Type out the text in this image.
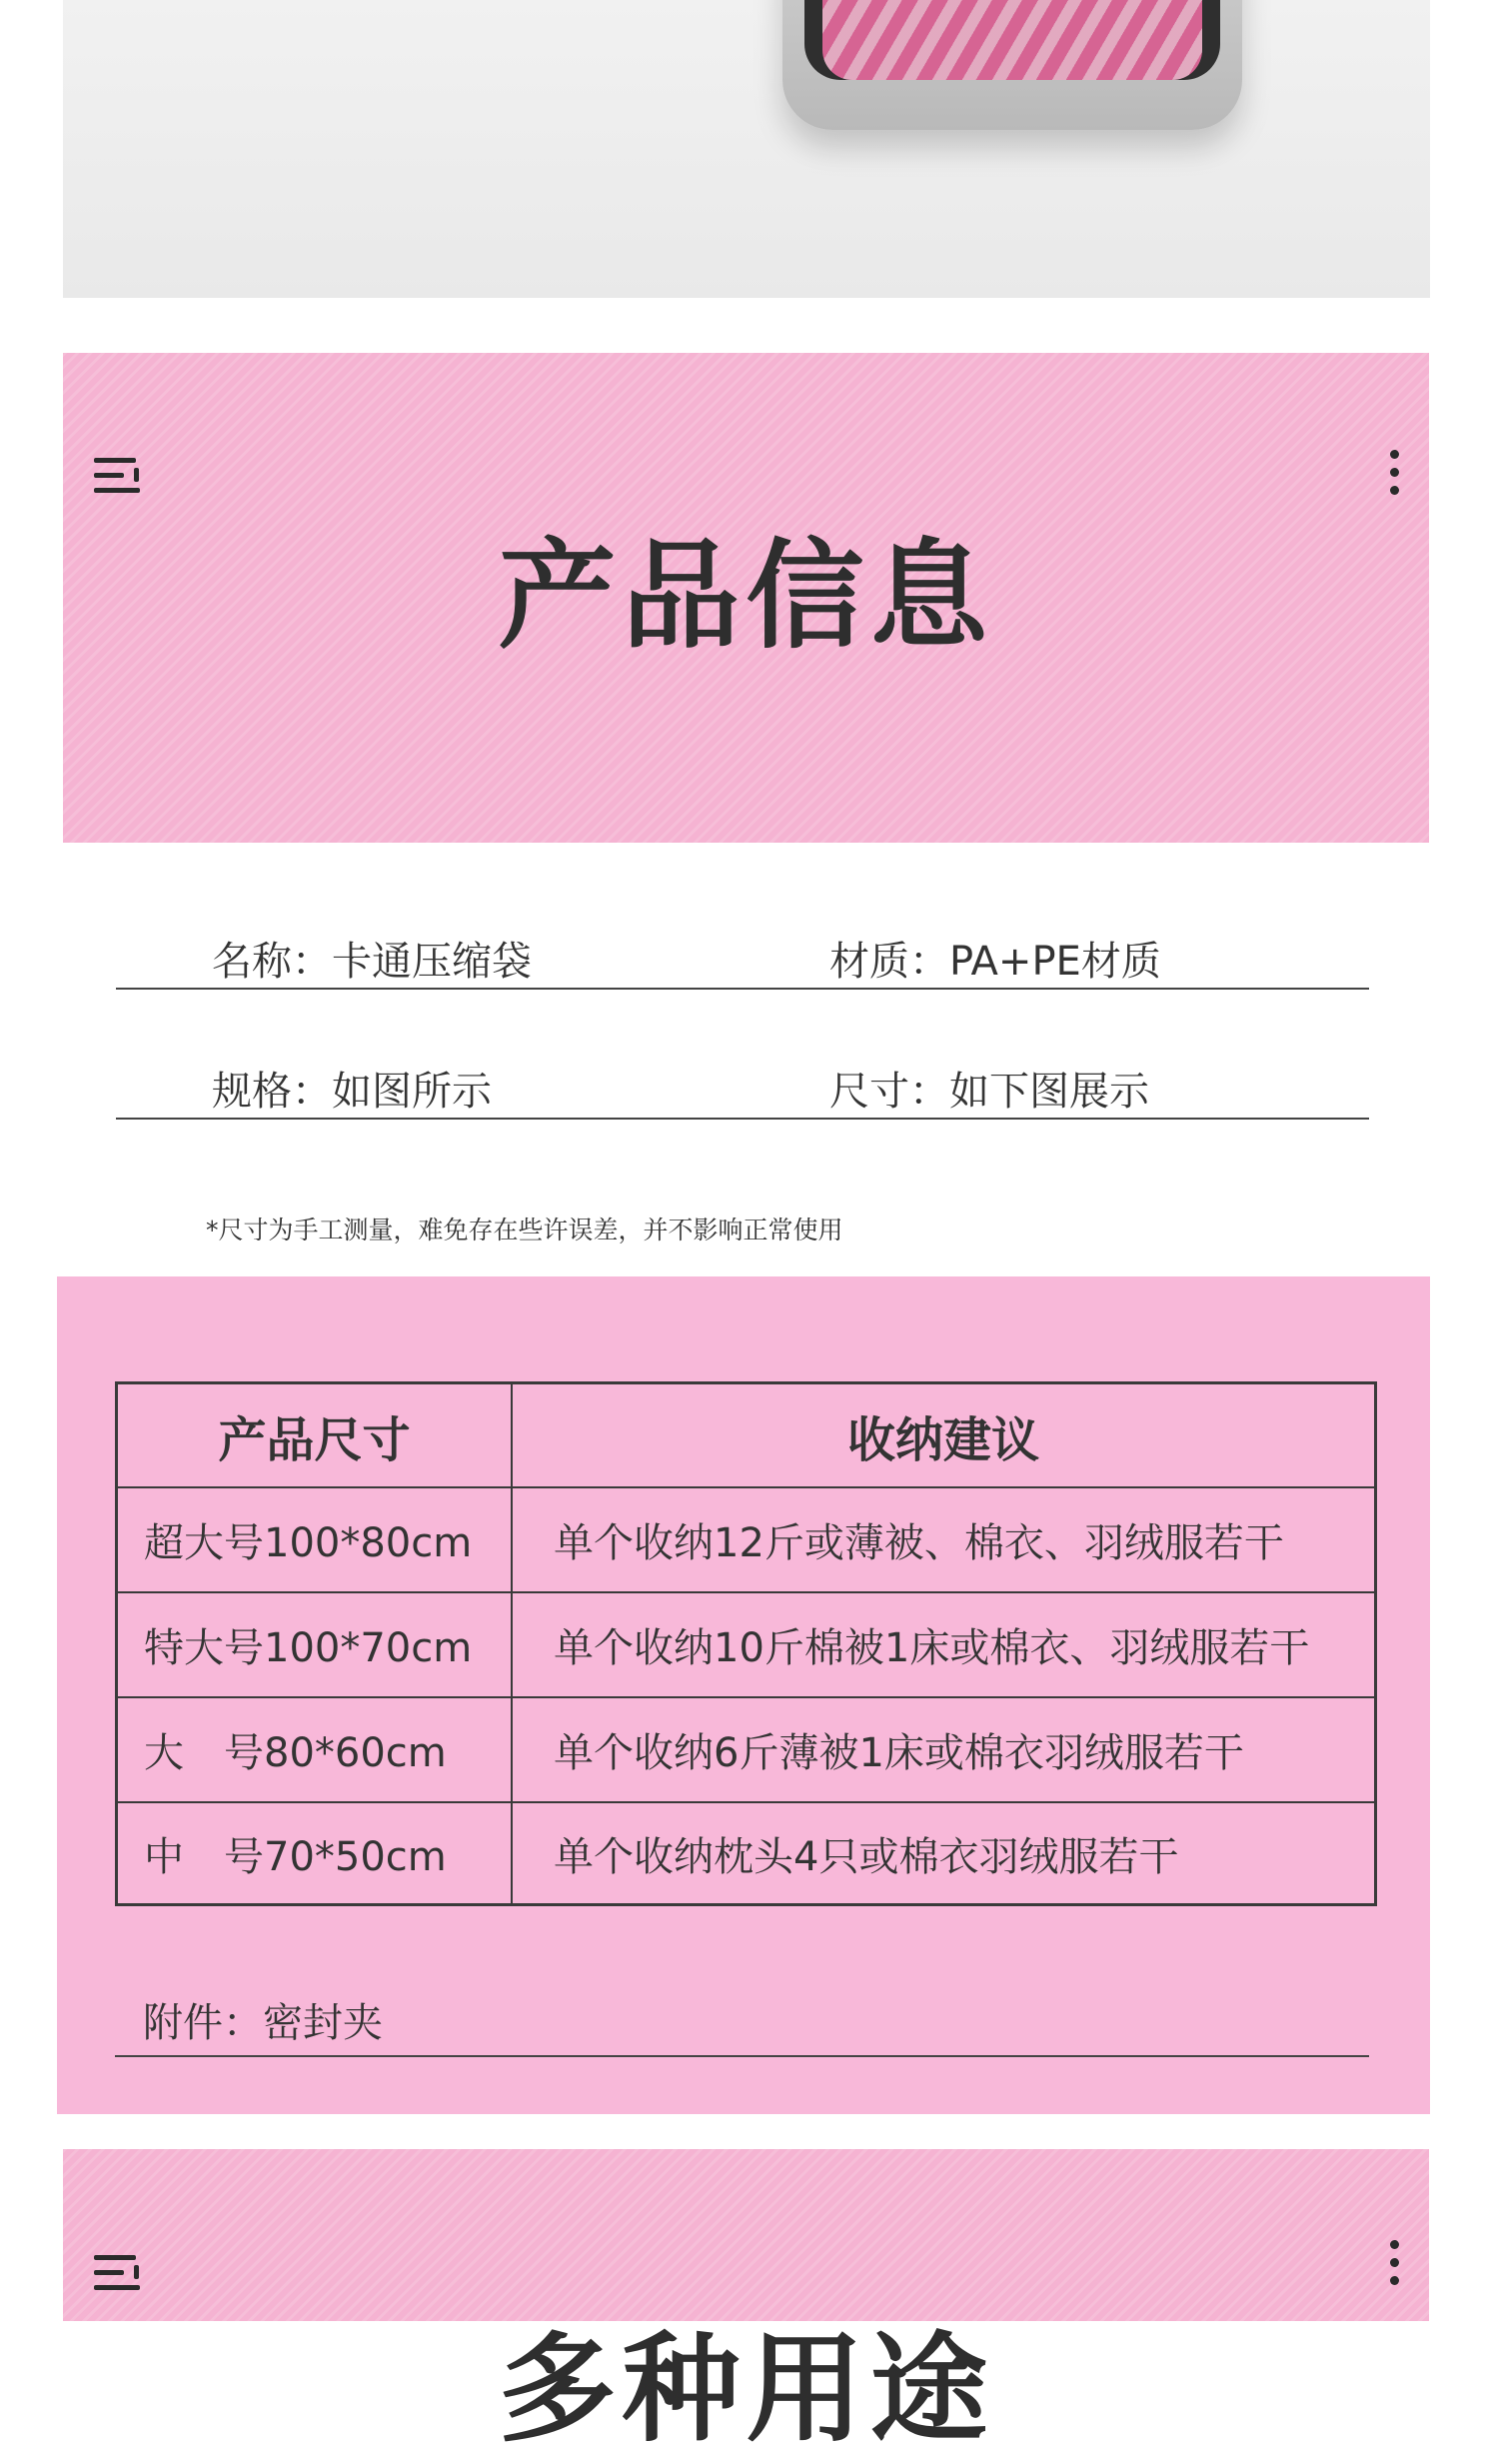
产品信息
名称：卡通压缩袋	材质：PA+PE材质
规格：如图所示	尺寸：如下图展示
*尺寸为手工测量，难免存在些许误差，并不影响正常使用
产品尺寸	收纳建议
超大号100*80cm	单个收纳12斤或薄被、棉衣、羽绒服若干
特大号100*70cm	单个收纳10斤棉被1床或棉衣、羽绒服若干
大　号80*60cm	单个收纳6斤薄被1床或棉衣羽绒服若干
中　号70*50cm	单个收纳枕头4只或棉衣羽绒服若干
附件：密封夹
多种用途
